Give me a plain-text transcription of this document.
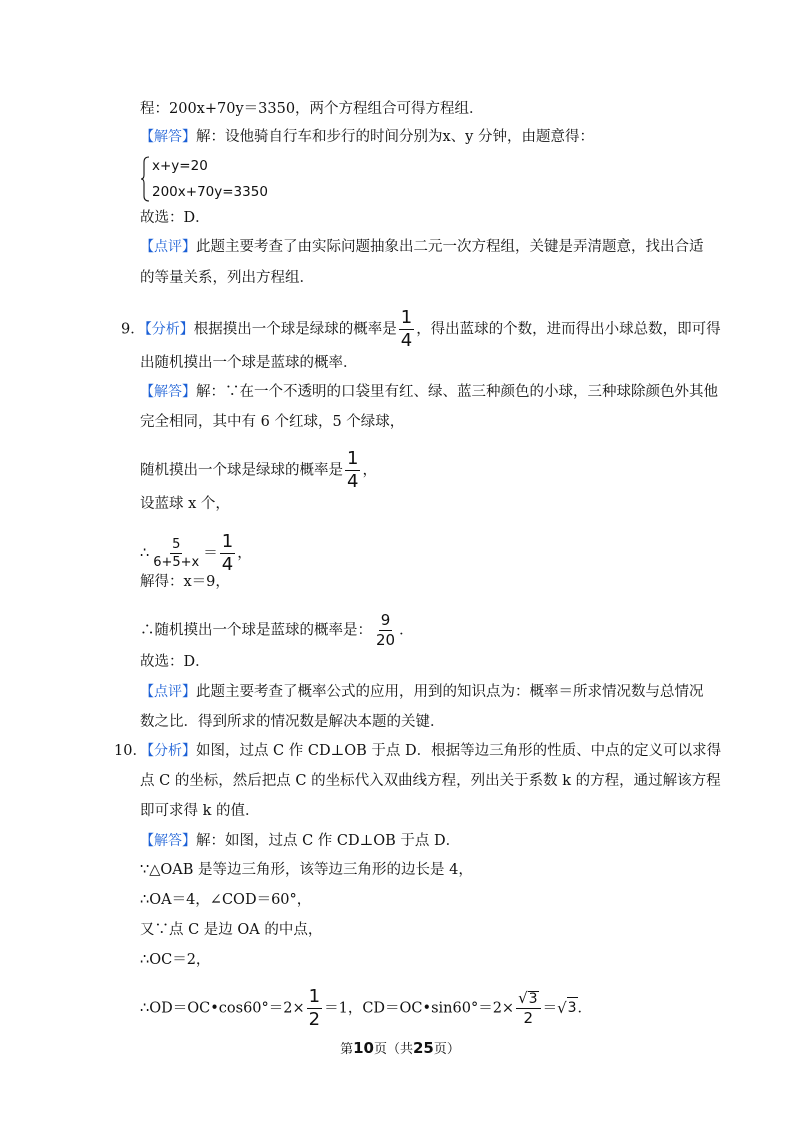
程：200x+70y＝3350，两个方程组合可得方程组．
【解答】解：设他骑自行车和步行的时间分别为x、y 分钟，由题意得：
x+y=20
200x+70y=3350
故选：D．
【点评】此题主要考查了由实际问题抽象出二元一次方程组，关键是弄清题意，找出合适
的等量关系，列出方程组．
9．【分析】根据摸出一个球是绿球的概率是 $\frac{1}{4}$ ，得出蓝球的个数，进而得出小球总数，即可得
出随机摸出一个球是蓝球的概率．
【解答】解：∵在一个不透明的口袋里有红、绿、蓝三种颜色的小球，三种球除颜色外其他
完全相同，其中有 6 个红球，5 个绿球，
随机摸出一个球是绿球的概率是 $\frac{1}{4}$ ，
设蓝球 x 个，
∴ $\frac{5}{6+5+x} = \frac{1}{4}$ ，
解得：x＝9，
∴随机摸出一个球是蓝球的概率是： $\frac{9}{20}$ ．
故选：D．
【点评】此题主要考查了概率公式的应用，用到的知识点为：概率＝所求情况数与总情况
数之比．得到所求的情况数是解决本题的关键．
10．【分析】如图，过点 C 作 CD⊥OB 于点 D．根据等边三角形的性质、中点的定义可以求得
点 C 的坐标，然后把点 C 的坐标代入双曲线方程，列出关于系数 k 的方程，通过解该方程
即可求得 k 的值．
【解答】解：如图，过点 C 作 CD⊥OB 于点 D．
∵△OAB 是等边三角形，该等边三角形的边长是 4，
∴OA＝4，∠COD＝60°，
又∵点 C 是边 OA 的中点，
∴OC＝2，
∴OD＝OC•cos60°＝2× $\frac{1}{2} =1$，CD＝OC•sin60°＝2× $\frac{√ 3}{2}$ ＝ √ 3 ．
第10页（共25页）
